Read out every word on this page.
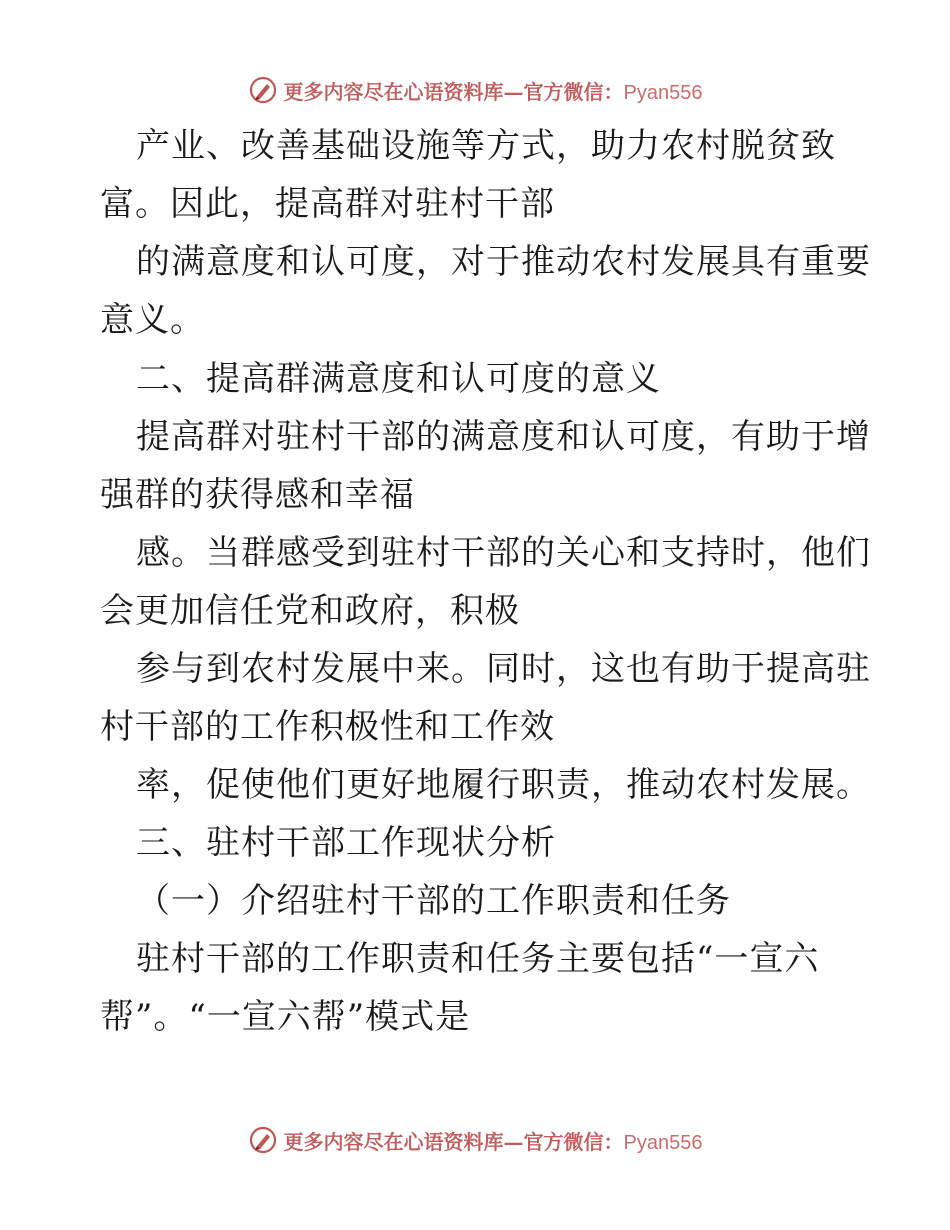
更多内容尽在心语资料库—官方微信：Pyan556
产业、改善基础设施等方式，助力农村脱贫致
富。因此，提高群对驻村干部
的满意度和认可度，对于推动农村发展具有重要
意义。
二、提高群满意度和认可度的意义
提高群对驻村干部的满意度和认可度，有助于增
强群的获得感和幸福
感。当群感受到驻村干部的关心和支持时，他们
会更加信任党和政府，积极
参与到农村发展中来。同时，这也有助于提高驻
村干部的工作积极性和工作效
率，促使他们更好地履行职责，推动农村发展。
三、驻村干部工作现状分析
（一）介绍驻村干部的工作职责和任务
驻村干部的工作职责和任务主要包括“一宣六
帮”。“一宣六帮”模式是
更多内容尽在心语资料库—官方微信：Pyan556
